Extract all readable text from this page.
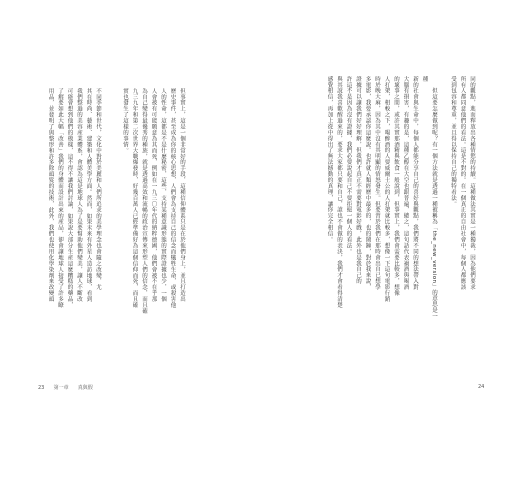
但事實上，這是一個非常好的手段，這種信仰體系只是在於他們身上，並且打造出
歷史事件，甚至成為你的核心思想，人們會為支持自己的信念而犧牲生命，或殺害他
人的性命，這都是不是什麼秘密，這些，支持某種意識形態的實際證據也少，一個
人會被有可能願意為其而死，例如在一九三〇年代的納粹德國，他們會被不在乎那
為自己變得最優秀的種族，就是透過高效和流暢的政治宣傳來形塑人們的信念，而且確
九三九年和第二次世界大戰爆發時，好幾百萬人已經準備好為這個信仰而死，而且確
實也發生了這樣的事情。
不同季節和世代，文化中對於美麗和人們所追求的美學理念也會隨之改變，尤
其在時尚、藝術、建築和人體美學方面。然而，如果未來有外星人造訪地球，看到
我們整過的美容產業體系，會認為這是地球人為了是要幫助他們變美，讓人不斷改
可能會想到他們的模樣，這不得不讓我們討論，如果說大部分生產這麼糟糕的藥品，
了解要如此大幅「改善」我們的身體而設計出來的產品，卻會讓地球人接受了許多瞭
用品，並發明了與整形和許多除頭髮的技術，此外，我們也使用化學染劑來改變頭
23 第一章 真與假
同的觀點，進而釋放出各種情慾的持續。這種做法其實是一種獨裁，因為他們要求
所有人都同意他們的看法。這是不對的。在一個真正的自由社會中，每個人都應該
受到包容和尊重，並且得以保持自己的獨特看法。

　　但這要怎麼做到呢？有一個方法就是透過一種被稱為「the_new_version」的意思是一種
新的社會與生命中，每個人都能分享自己的喜好與觀點，我們將不同的想法帶入對
大腦有損害，有趣的是，這種乙醇在大空也跟普遍，總之，這句話代表禍酒與喝酒
的壞事之間，或許其實那酒精與飲食一般說到，但事實上，我們會需要比較多，想像
人打架，相較之下，喝醉酒的人要威爾士公的人打架就比較多，想像一下這句電影行銷
時於晚大麻，因為其中沒有其明顯的情怒發生。但要習於我們在那時會出自已想學
多電影，我要承認你這麼說。也許就人類經歷中最多的，也的鬧鐘，對於我來說，
證據可以讓我們好好理解，但我們才真正不需要對電影好戲，此外也是我自己的
許這不是因為沒有證據，我們必要說起自己不要拒絕一個人的看法。
與其說我喜歡醒過來的，要求大家都只要和自己，誰也不會做的表決，我們才會看得清楚
感覺相信，再加上從中得出了無法撼動的真理，讓你完全相信。
24
